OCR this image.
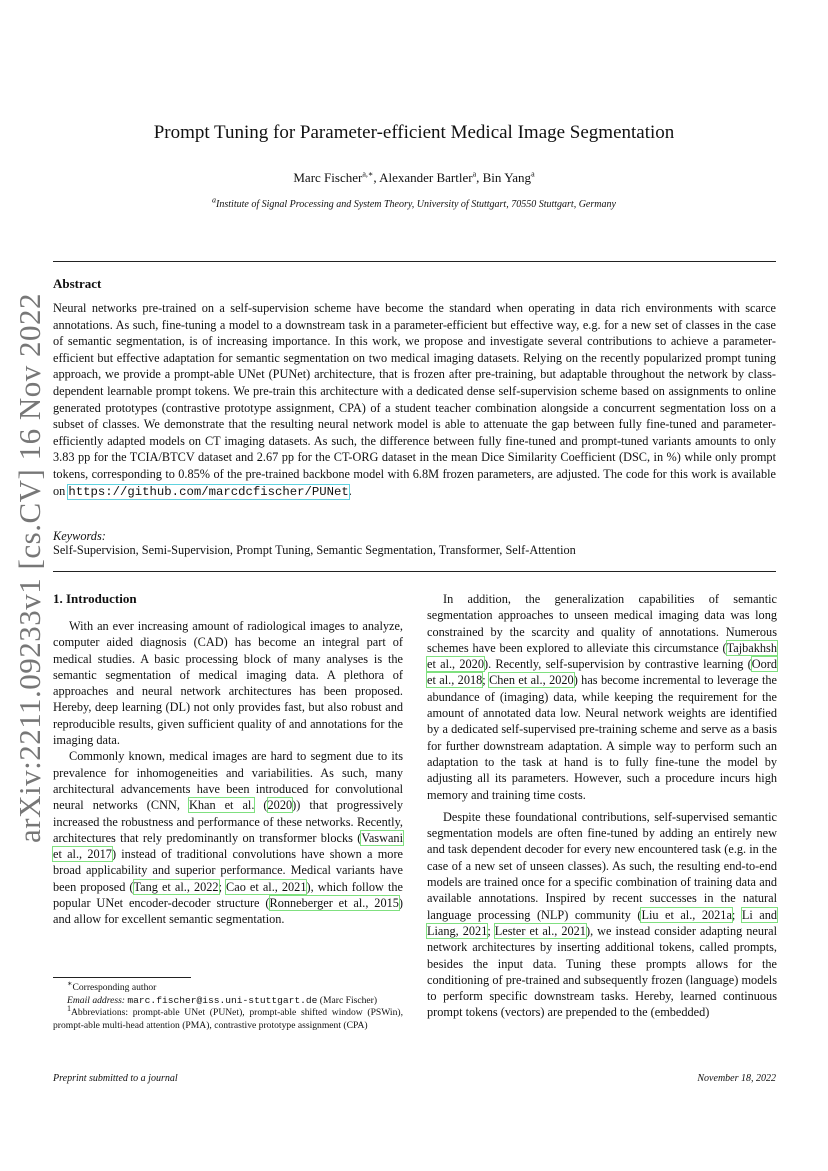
arXiv:2211.09233v1 [cs.CV] 16 Nov 2022
Prompt Tuning for Parameter-efficient Medical Image Segmentation
Marc Fischer$^{a,∗}$, Alexander Bartler$^a$, Bin Yang$^a$
$^a$Institute of Signal Processing and System Theory, University of Stuttgart, 70550 Stuttgart, Germany
Abstract
Neural networks pre-trained on a self-supervision scheme have become the standard when operating in data rich environments with scarce annotations. As such, fine-tuning a model to a downstream task in a parameter-efficient but effective way, e.g. for a new set of classes in the case of semantic segmentation, is of increasing importance. In this work, we propose and investigate several contributions to achieve a parameter-efficient but effective adaptation for semantic segmentation on two medical imaging datasets. Relying on the recently popularized prompt tuning approach, we provide a prompt-able UNet (PUNet) architecture, that is frozen after pre-training, but adaptable throughout the network by class-dependent learnable prompt tokens. We pre-train this architecture with a dedicated dense self-supervision scheme based on assignments to online generated prototypes (contrastive prototype assignment, CPA) of a student teacher combination alongside a concurrent segmentation loss on a subset of classes. We demonstrate that the resulting neural network model is able to attenuate the gap between fully fine-tuned and parameter-efficiently adapted models on CT imaging datasets. As such, the difference between fully fine-tuned and prompt-tuned variants amounts to only 3.83 pp for the TCIA/BTCV dataset and 2.67 pp for the CT-ORG dataset in the mean Dice Similarity Coefficient (DSC, in %) while only prompt tokens, corresponding to 0.85% of the pre-trained backbone model with 6.8M frozen parameters, are adjusted. The code for this work is available on https://github.com/marcdcfischer/PUNet.
Keywords:
Self-Supervision, Semi-Supervision, Prompt Tuning, Semantic Segmentation, Transformer, Self-Attention
1. Introduction

With an ever increasing amount of radiological images to analyze, computer aided diagnosis (CAD) has become an integral part of medical studies. A basic processing block of many analyses is the semantic segmentation of medical imaging data. A plethora of approaches and neural network architectures has been proposed. Hereby, deep learning (DL) not only provides fast, but also robust and reproducible results, given sufficient quality of and annotations for the imaging data.

Commonly known, medical images are hard to segment due to its prevalence for inhomogeneities and variabilities. As such, many architectural advancements have been introduced for convolutional neural networks (CNN, Khan et al. (2020)) that progressively increased the robustness and performance of these networks. Recently, architectures that rely predominantly on transformer blocks (Vaswani et al., 2017) instead of traditional convolutions have shown a more broad applicability and superior performance. Medical variants have been proposed (Tang et al., 2022; Cao et al., 2021), which follow the popular UNet encoder-decoder structure (Ronneberger et al., 2015) and allow for excellent semantic segmentation.

In addition, the generalization capabilities of semantic segmentation approaches to unseen medical imaging data was long constrained by the scarcity and quality of annotations. Numerous schemes have been explored to alleviate this circumstance (Tajbakhsh et al., 2020). Recently, self-supervision by contrastive learning (Oord et al., 2018; Chen et al., 2020) has become incremental to leverage the abundance of (imaging) data, while keeping the requirement for the amount of annotated data low. Neural network weights are identified by a dedicated self-supervised pre-training scheme and serve as a basis for further downstream adaptation. A simple way to perform such an adaptation to the task at hand is to fully fine-tune the model by adjusting all its parameters. However, such a procedure incurs high memory and training time costs.

Despite these foundational contributions, self-supervised semantic segmentation models are often fine-tuned by adding an entirely new and task dependent decoder for every new encountered task (e.g. in the case of a new set of unseen classes). As such, the resulting end-to-end models are trained once for a specific combination of training data and available annotations. Inspired by recent successes in the natural language processing (NLP) community (Liu et al., 2021a; Li and Liang, 2021; Lester et al., 2021), we instead consider adapting neural network architectures by inserting additional tokens, called prompts, besides the input data. Tuning these prompts allows for the conditioning of pre-trained and subsequently frozen (language) models to perform specific downstream tasks. Hereby, learned continuous prompt tokens (vectors) are prepended to the (embedded)

∗Corresponding author

Email address: marc.fischer@iss.uni-stuttgart.de (Marc Fischer)

$^1$Abbreviations: prompt-able UNet (PUNet), prompt-able shifted window (PSWin), prompt-able multi-head attention (PMA), contrastive prototype assignment (CPA)

Preprint submitted to a journal	November 18, 2022
